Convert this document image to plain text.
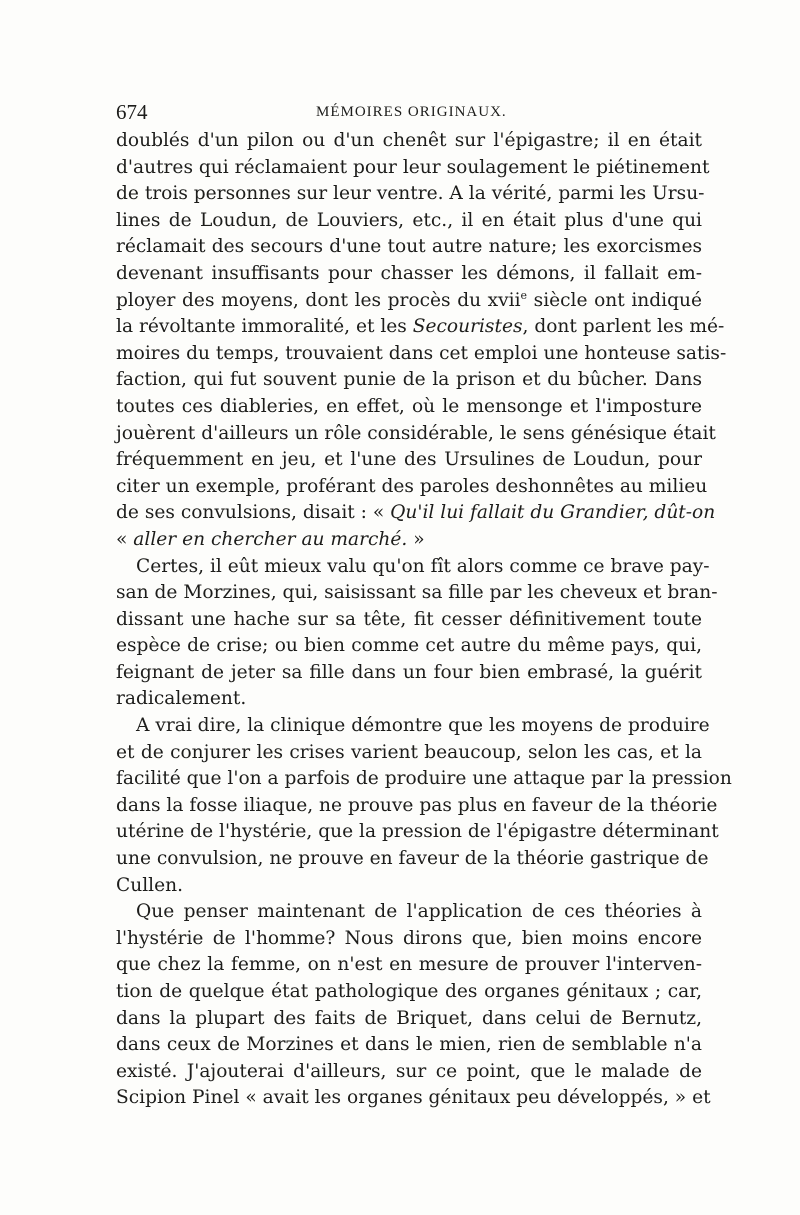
674	MÉMOIRES ORIGINAUX.
doublés d'un pilon ou d'un chenêt sur l'épigastre; il en était
d'autres qui réclamaient pour leur soulagement le piétinement
de trois personnes sur leur ventre. A la vérité, parmi les Ursu-
lines de Loudun, de Louviers, etc., il en était plus d'une qui
réclamait des secours d'une tout autre nature; les exorcismes
devenant insuffisants pour chasser les démons, il fallait em-
ployer des moyens, dont les procès du xvii$^e$ siècle ont indiqué
la révoltante immoralité, et les Secouristes, dont parlent les mé-
moires du temps, trouvaient dans cet emploi une honteuse satis-
faction, qui fut souvent punie de la prison et du bûcher. Dans
toutes ces diableries, en effet, où le mensonge et l'imposture
jouèrent d'ailleurs un rôle considérable, le sens génésique était
fréquemment en jeu, et l'une des Ursulines de Loudun, pour
citer un exemple, proférant des paroles deshonnêtes au milieu
de ses convulsions, disait : « Qu'il lui fallait du Grandier, dût-on
« aller en chercher au marché. »
Certes, il eût mieux valu qu'on fît alors comme ce brave pay-
san de Morzines, qui, saisissant sa fille par les cheveux et bran-
dissant une hache sur sa tête, fit cesser définitivement toute
espèce de crise; ou bien comme cet autre du même pays, qui,
feignant de jeter sa fille dans un four bien embrasé, la guérit
radicalement.
A vrai dire, la clinique démontre que les moyens de produire
et de conjurer les crises varient beaucoup, selon les cas, et la
facilité que l'on a parfois de produire une attaque par la pression
dans la fosse iliaque, ne prouve pas plus en faveur de la théorie
utérine de l'hystérie, que la pression de l'épigastre déterminant
une convulsion, ne prouve en faveur de la théorie gastrique de
Cullen.
Que penser maintenant de l'application de ces théories à
l'hystérie de l'homme? Nous dirons que, bien moins encore
que chez la femme, on n'est en mesure de prouver l'interven-
tion de quelque état pathologique des organes génitaux ; car,
dans la plupart des faits de Briquet, dans celui de Bernutz,
dans ceux de Morzines et dans le mien, rien de semblable n'a
existé. J'ajouterai d'ailleurs, sur ce point, que le malade de
Scipion Pinel « avait les organes génitaux peu développés, » et
